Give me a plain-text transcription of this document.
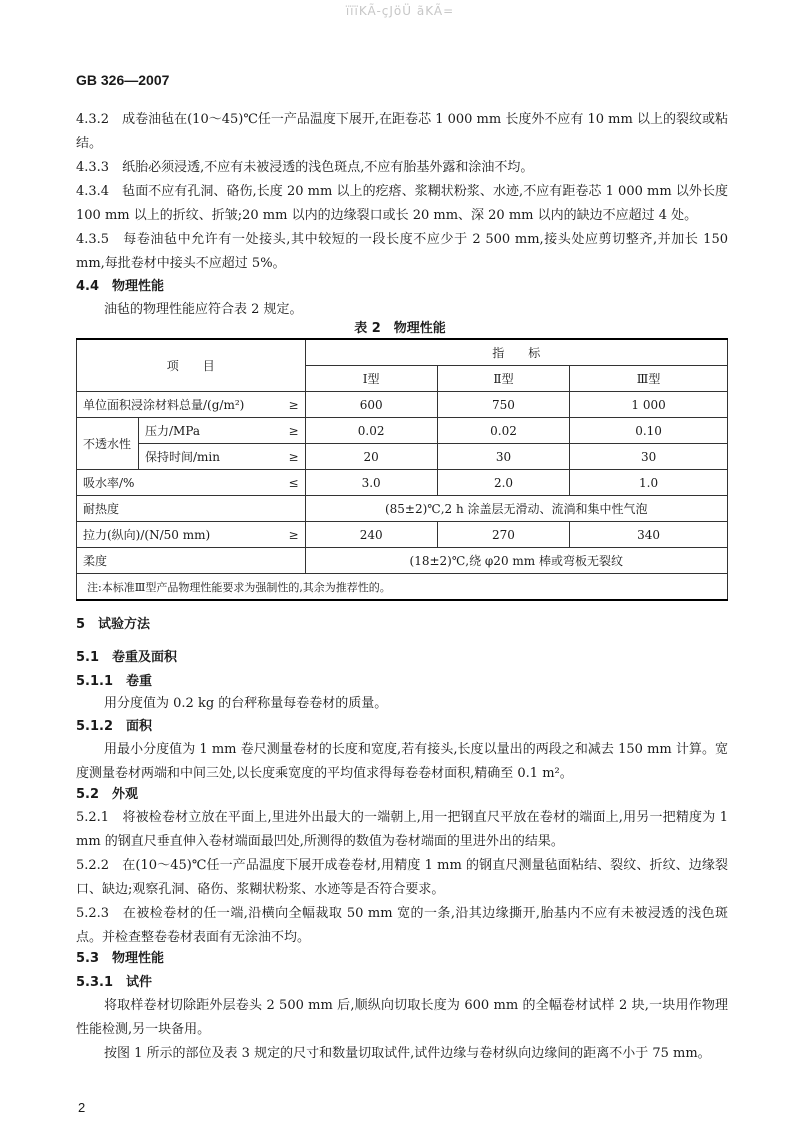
ïïïKÃ-çJöÜ ãKÃ=
GB 326—2007

4.3.2　成卷油毡在(10～45)℃任一产品温度下展开,在距卷芯 1 000 mm 长度外不应有 10 mm 以上的裂纹或粘结。

4.3.3　纸胎必须浸透,不应有未被浸透的浅色斑点,不应有胎基外露和涂油不均。

4.3.4　毡面不应有孔洞、硌伤,长度 20 mm 以上的疙瘩、浆糊状粉浆、水迹,不应有距卷芯 1 000 mm 以外长度 100 mm 以上的折纹、折皱;20 mm 以内的边缘裂口或长 20 mm、深 20 mm 以内的缺边不应超过 4 处。

4.3.5　每卷油毡中允许有一处接头,其中较短的一段长度不应少于 2 500 mm,接头处应剪切整齐,并加长 150 mm,每批卷材中接头不应超过 5%。

4.4　物理性能
油毡的物理性能应符合表 2 规定。
表 2　物理性能
项　　目			指　　标		
			Ⅰ型	Ⅱ型	Ⅲ型
单位面积浸涂材料总量/(g/m²)		≥	600	750	1 000
不透水性	压力/MPa	≥	0.02	0.02	0.10
	保持时间/min	≥	20	30	30
吸水率/%		≤	3.0	2.0	1.0
耐热度			(85±2)℃,2 h 涂盖层无滑动、流淌和集中性气泡		
拉力(纵向)/(N/50 mm)		≥	240	270	340
柔度			(18±2)℃,绕 φ20 mm 棒或弯板无裂纹		
注:本标准Ⅲ型产品物理性能要求为强制性的,其余为推荐性的。					
5　试验方法
5.1　卷重及面积
5.1.1　卷重
用分度值为 0.2 kg 的台秤称量每卷卷材的质量。
5.1.2　面积

用最小分度值为 1 mm 卷尺测量卷材的长度和宽度,若有接头,长度以量出的两段之和减去 150 mm 计算。宽度测量卷材两端和中间三处,以长度乘宽度的平均值求得每卷卷材面积,精确至 0.1 m²。

5.2　外观

5.2.1　将被检卷材立放在平面上,里进外出最大的一端朝上,用一把钢直尺平放在卷材的端面上,用另一把精度为 1 mm 的钢直尺垂直伸入卷材端面最凹处,所测得的数值为卷材端面的里进外出的结果。

5.2.2　在(10～45)℃任一产品温度下展开成卷卷材,用精度 1 mm 的钢直尺测量毡面粘结、裂纹、折纹、边缘裂口、缺边;观察孔洞、硌伤、浆糊状粉浆、水迹等是否符合要求。

5.2.3　在被检卷材的任一端,沿横向全幅裁取 50 mm 宽的一条,沿其边缘撕开,胎基内不应有未被浸透的浅色斑点。并检查整卷卷材表面有无涂油不均。

5.3　物理性能
5.3.1　试件

将取样卷材切除距外层卷头 2 500 mm 后,顺纵向切取长度为 600 mm 的全幅卷材试样 2 块,一块用作物理性能检测,另一块备用。

按图 1 所示的部位及表 3 规定的尺寸和数量切取试件,试件边缘与卷材纵向边缘间的距离不小于 75 mm。

2
